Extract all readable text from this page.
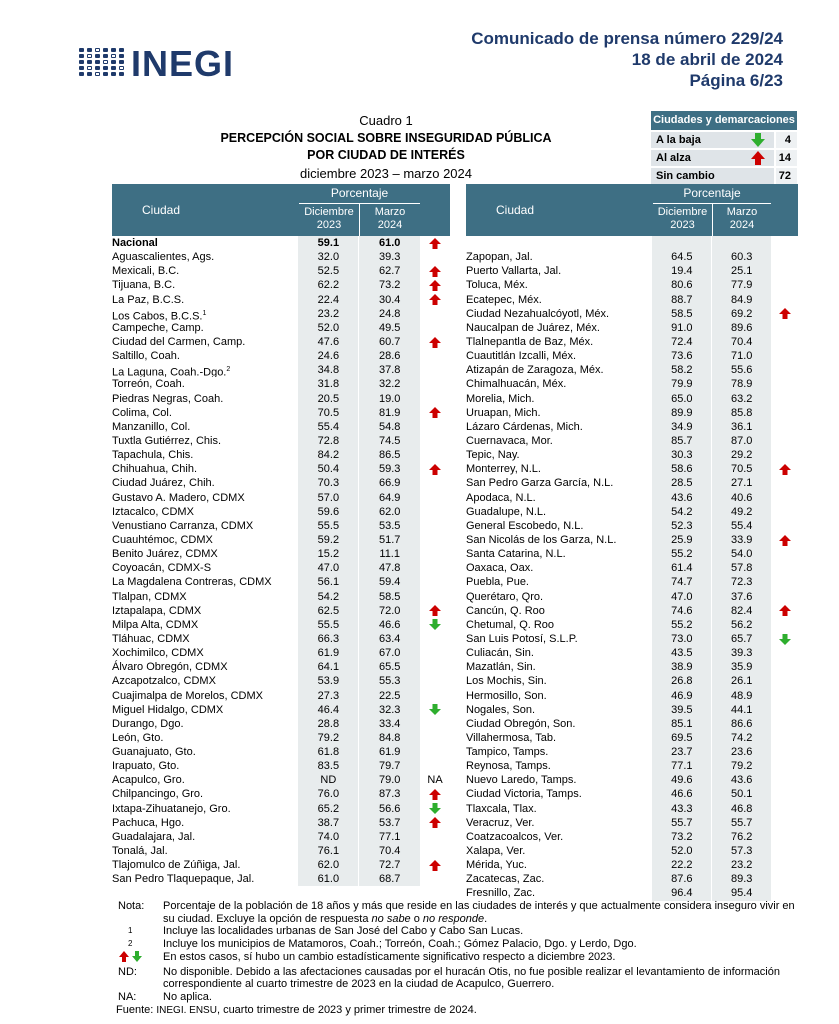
INEGI
Comunicado de prensa número 229/24
18 de abril de 2024
Página 6/23
Cuadro 1
PERCEPCIÓN SOCIAL SOBRE INSEGURIDAD PÚBLICA
POR CIUDAD DE INTERÉS
diciembre 2023 – marzo 2024
Ciudades y demarcaciones
A la baja	4
Al alza	14
Sin cambio	72
Ciudad
Porcentaje
Diciembre
2023
Marzo
2024
Nacional	59.1	61.0
Aguascalientes, Ags.	32.0	39.3
Mexicali, B.C.	52.5	62.7
Tijuana, B.C.	62.2	73.2
La Paz, B.C.S.	22.4	30.4
Los Cabos, B.C.S.$^1$	23.2	24.8
Campeche, Camp.	52.0	49.5
Ciudad del Carmen, Camp.	47.6	60.7
Saltillo, Coah.	24.6	28.6
La Laguna, Coah.-Dgo.$^2$	34.8	37.8
Torreón, Coah.	31.8	32.2
Piedras Negras, Coah.	20.5	19.0
Colima, Col.	70.5	81.9
Manzanillo, Col.	55.4	54.8
Tuxtla Gutiérrez, Chis.	72.8	74.5
Tapachula, Chis.	84.2	86.5
Chihuahua, Chih.	50.4	59.3
Ciudad Juárez, Chih.	70.3	66.9
Gustavo A. Madero, CDMX	57.0	64.9
Iztacalco, CDMX	59.6	62.0
Venustiano Carranza, CDMX	55.5	53.5
Cuauhtémoc, CDMX	59.2	51.7
Benito Juárez, CDMX	15.2	11.1
Coyoacán, CDMX-S	47.0	47.8
La Magdalena Contreras, CDMX	56.1	59.4
Tlalpan, CDMX	54.2	58.5
Iztapalapa, CDMX	62.5	72.0
Milpa Alta, CDMX	55.5	46.6
Tláhuac, CDMX	66.3	63.4
Xochimilco, CDMX	61.9	67.0
Álvaro Obregón, CDMX	64.1	65.5
Azcapotzalco, CDMX	53.9	55.3
Cuajimalpa de Morelos, CDMX	27.3	22.5
Miguel Hidalgo, CDMX	46.4	32.3
Durango, Dgo.	28.8	33.4
León, Gto.	79.2	84.8
Guanajuato, Gto.	61.8	61.9
Irapuato, Gto.	83.5	79.7
Acapulco, Gro.	ND	79.0	NA
Chilpancingo, Gro.	76.0	87.3
Ixtapa-Zihuatanejo, Gro.	65.2	56.6
Pachuca, Hgo.	38.7	53.7
Guadalajara, Jal.	74.0	77.1
Tonalá, Jal.	76.1	70.4
Tlajomulco de Zúñiga, Jal.	62.0	72.7
San Pedro Tlaquepaque, Jal.	61.0	68.7
Ciudad
Porcentaje
Diciembre
2023
Marzo
2024
Zapopan, Jal.	64.5	60.3
Puerto Vallarta, Jal.	19.4	25.1
Toluca, Méx.	80.6	77.9
Ecatepec, Méx.	88.7	84.9
Ciudad Nezahualcóyotl, Méx.	58.5	69.2
Naucalpan de Juárez, Méx.	91.0	89.6
Tlalnepantla de Baz, Méx.	72.4	70.4
Cuautitlán Izcalli, Méx.	73.6	71.0
Atizapán de Zaragoza, Méx.	58.2	55.6
Chimalhuacán, Méx.	79.9	78.9
Morelia, Mich.	65.0	63.2
Uruapan, Mich.	89.9	85.8
Lázaro Cárdenas, Mich.	34.9	36.1
Cuernavaca, Mor.	85.7	87.0
Tepic, Nay.	30.3	29.2
Monterrey, N.L.	58.6	70.5
San Pedro Garza García, N.L.	28.5	27.1
Apodaca, N.L.	43.6	40.6
Guadalupe, N.L.	54.2	49.2
General Escobedo, N.L.	52.3	55.4
San Nicolás de los Garza, N.L.	25.9	33.9
Santa Catarina, N.L.	55.2	54.0
Oaxaca, Oax.	61.4	57.8
Puebla, Pue.	74.7	72.3
Querétaro, Qro.	47.0	37.6
Cancún, Q. Roo	74.6	82.4
Chetumal, Q. Roo	55.2	56.2
San Luis Potosí, S.L.P.	73.0	65.7
Culiacán, Sin.	43.5	39.3
Mazatlán, Sin.	38.9	35.9
Los Mochis, Sin.	26.8	26.1
Hermosillo, Son.	46.9	48.9
Nogales, Son.	39.5	44.1
Ciudad Obregón, Son.	85.1	86.6
Villahermosa, Tab.	69.5	74.2
Tampico, Tamps.	23.7	23.6
Reynosa, Tamps.	77.1	79.2
Nuevo Laredo, Tamps.	49.6	43.6
Ciudad Victoria, Tamps.	46.6	50.1
Tlaxcala, Tlax.	43.3	46.8
Veracruz, Ver.	55.7	55.7
Coatzacoalcos, Ver.	73.2	76.2
Xalapa, Ver.	52.0	57.3
Mérida, Yuc.	22.2	23.2
Zacatecas, Zac.	87.6	89.3
Fresnillo, Zac.	96.4	95.4
Nota:	Porcentaje de la población de 18 años y más que reside en las ciudades de interés y que actualmente considera inseguro vivir en su ciudad. Excluye la opción de respuesta no sabe o no responde.
1	Incluye las localidades urbanas de San José del Cabo y Cabo San Lucas.
2	Incluye los municipios de Matamoros, Coah.; Torreón, Coah.; Gómez Palacio, Dgo. y Lerdo, Dgo.
En estos casos, sí hubo un cambio estadísticamente significativo respecto a diciembre 2023.
ND:	No disponible. Debido a las afectaciones causadas por el huracán Otis, no fue posible realizar el levantamiento de información correspondiente al cuarto trimestre de 2023 en la ciudad de Acapulco, Guerrero.
NA:	No aplica.
Fuente: INEGI. ENSU, cuarto trimestre de 2023 y primer trimestre de 2024.
